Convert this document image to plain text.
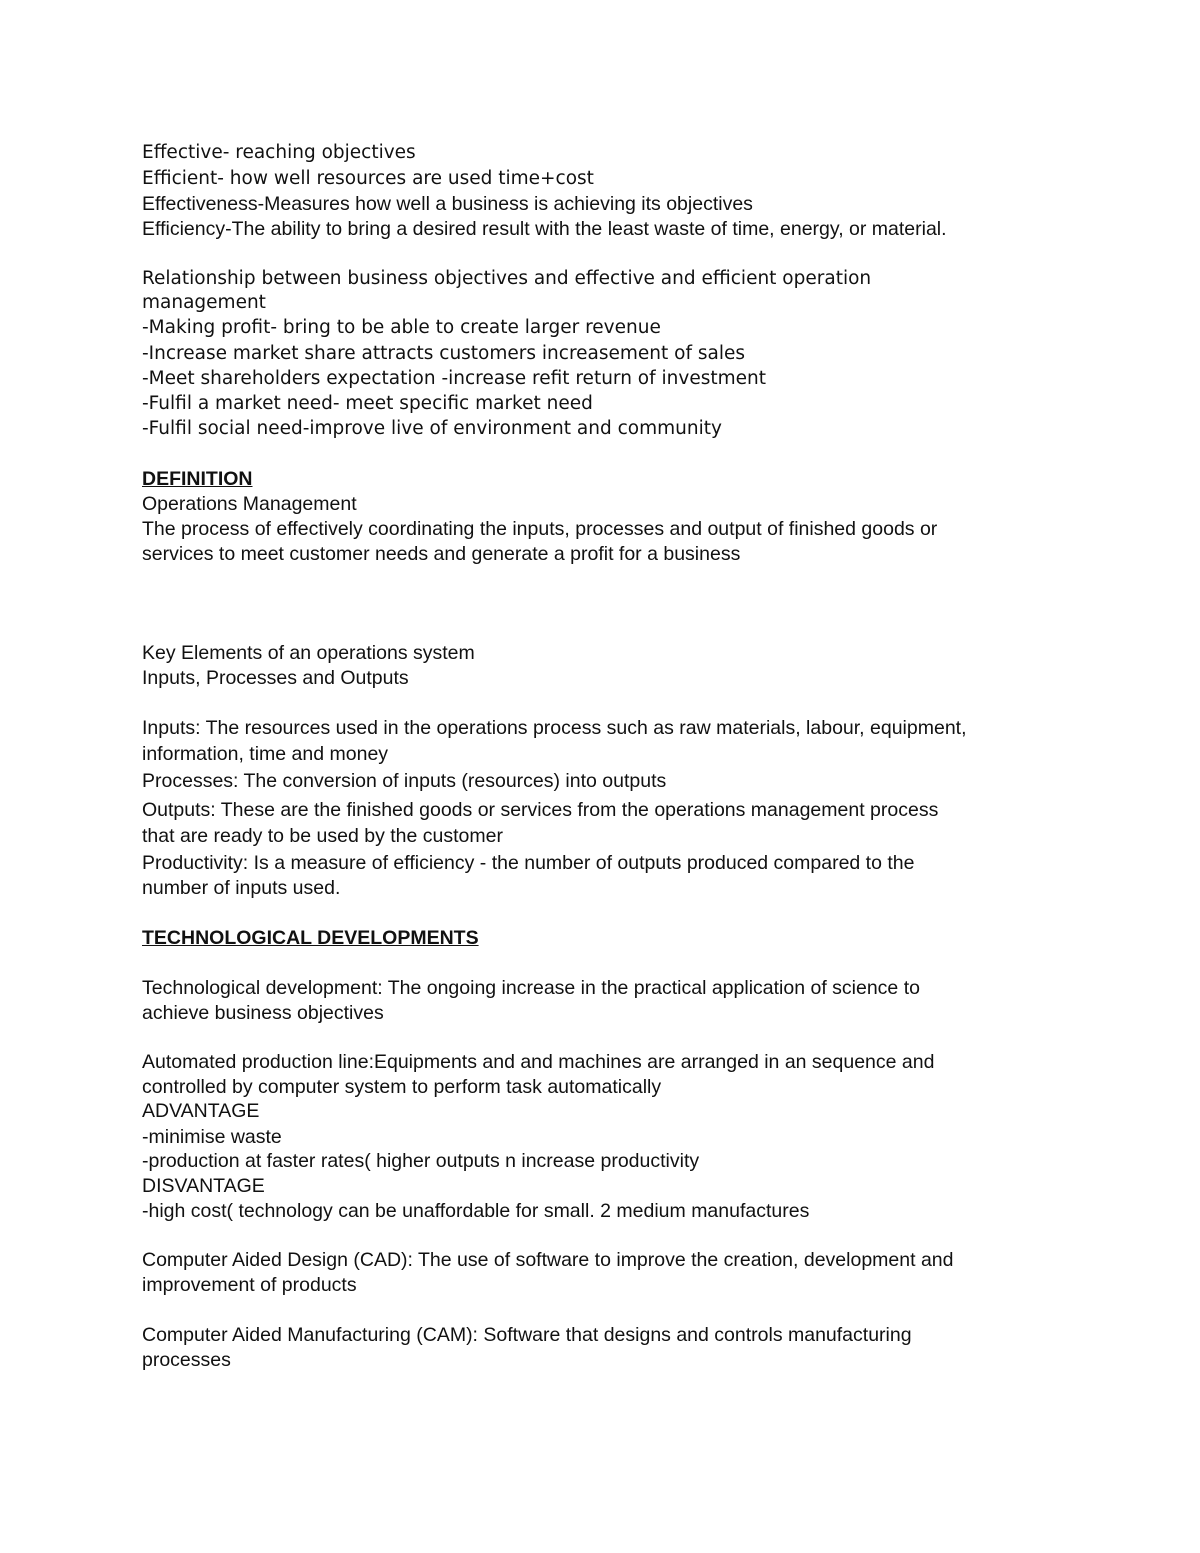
Effective- reaching objectives
Efficient- how well resources are used time+cost
Effectiveness-Measures how well a business is achieving its objectives
Efficiency-The ability to bring a desired result with the least waste of time, energy, or material.
Relationship between business objectives and effective and efficient operation
management
-Making profit- bring to be able to create larger revenue
-Increase market share attracts customers increasement of sales
-Meet shareholders expectation -increase refit return of investment
-Fulfil a market need- meet specific market need
-Fulfil social need-improve live of environment and community
DEFINITION
Operations Management
The process of effectively coordinating the inputs, processes and output of finished goods or
services to meet customer needs and generate a profit for a business
Key Elements of an operations system
Inputs, Processes and Outputs
Inputs: The resources used in the operations process such as raw materials, labour, equipment,
information, time and money
Processes: The conversion of inputs (resources) into outputs
Outputs: These are the finished goods or services from the operations management process
that are ready to be used by the customer
Productivity: Is a measure of efficiency - the number of outputs produced compared to the
number of inputs used.
TECHNOLOGICAL DEVELOPMENTS
Technological development: The ongoing increase in the practical application of science to
achieve business objectives
Automated production line:Equipments and and machines are arranged in an sequence and
controlled by computer system to perform task automatically
ADVANTAGE
-minimise waste
-production at faster rates( higher outputs n increase productivity
DISVANTAGE
-high cost( technology can be unaffordable for small. 2 medium manufactures
Computer Aided Design (CAD): The use of software to improve the creation, development and
improvement of products
Computer Aided Manufacturing (CAM): Software that designs and controls manufacturing
processes
